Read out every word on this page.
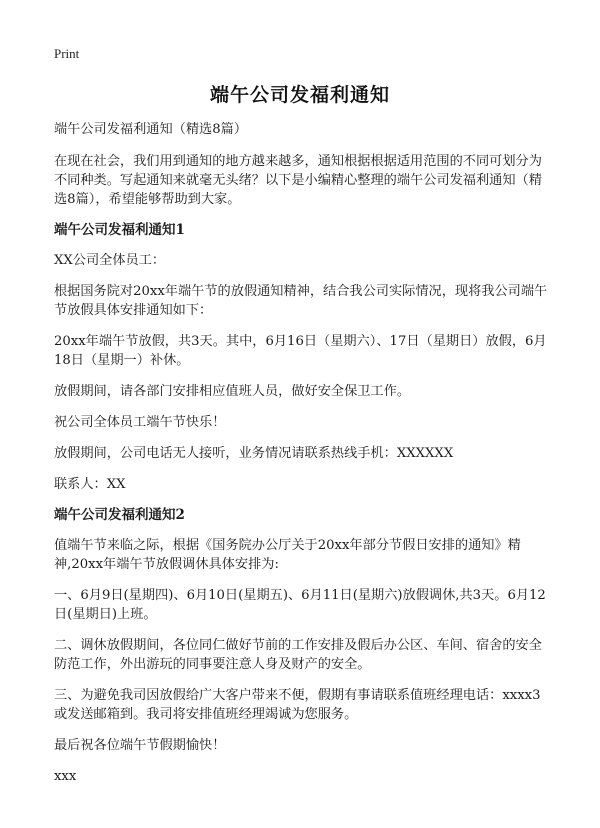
Print
端午公司发福利通知

端午公司发福利通知（精选8篇）

在现在社会，我们用到通知的地方越来越多，通知根据根据适用范围的不同可划分为不同种类。写起通知来就毫无头绪？以下是小编精心整理的端午公司发福利通知（精选8篇），希望能够帮助到大家。

端午公司发福利通知1

XX公司全体员工：

根据国务院对20xx年端午节的放假通知精神，结合我公司实际情况，现将我公司端午节放假具体安排通知如下：

20xx年端午节放假，共3天。其中，6月16日（星期六）、17日（星期日）放假，6月18日（星期一）补休。

放假期间，请各部门安排相应值班人员，做好安全保卫工作。

祝公司全体员工端午节快乐！

放假期间，公司电话无人接听，业务情况请联系热线手机：XXXXXX

联系人：XX

端午公司发福利通知2

值端午节来临之际，根据《国务院办公厅关于20xx年部分节假日安排的通知》精神,20xx年端午节放假调休具体安排为:

一、6月9日(星期四)、6月10日(星期五)、6月11日(星期六)放假调休,共3天。6月12日(星期日)上班。

二、调休放假期间，各位同仁做好节前的工作安排及假后办公区、车间、宿舍的安全防范工作，外出游玩的同事要注意人身及财产的安全。

三、为避免我司因放假给广大客户带来不便，假期有事请联系值班经理电话：xxxx3 或发送邮箱到。我司将安排值班经理竭诚为您服务。

最后祝各位端午节假期愉快！

xxx
